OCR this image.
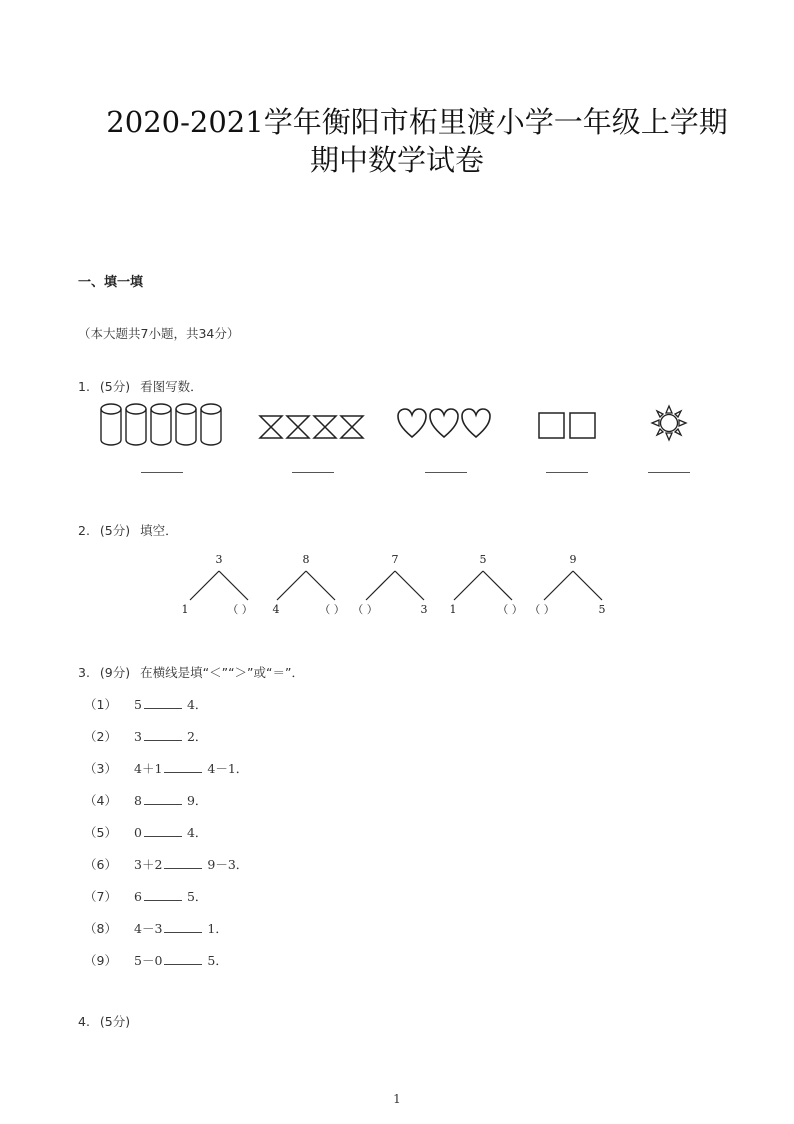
2020-2021学年衡阳市柘里渡小学一年级上学期
期中数学试卷
一、填一填
（本大题共7小题，共34分）
1. (5分) 看图写数．
2. (5分) 填空．
3
1	（ ）
8
4	（ ）
7
（ ）	3
5
1	（ ）
9
（ ）	5
3. (9分) 在横线是填“＜”“＞”或“＝”．
（1） 5	4．
（2） 3	2．
（3） 4＋1	4－1．
（4） 8	9．
（5） 0	4．
（6） 3＋2	9－3．
（7） 6	5．
（8） 4－3	1．
（9） 5－0	5．
4. (5分)
1
